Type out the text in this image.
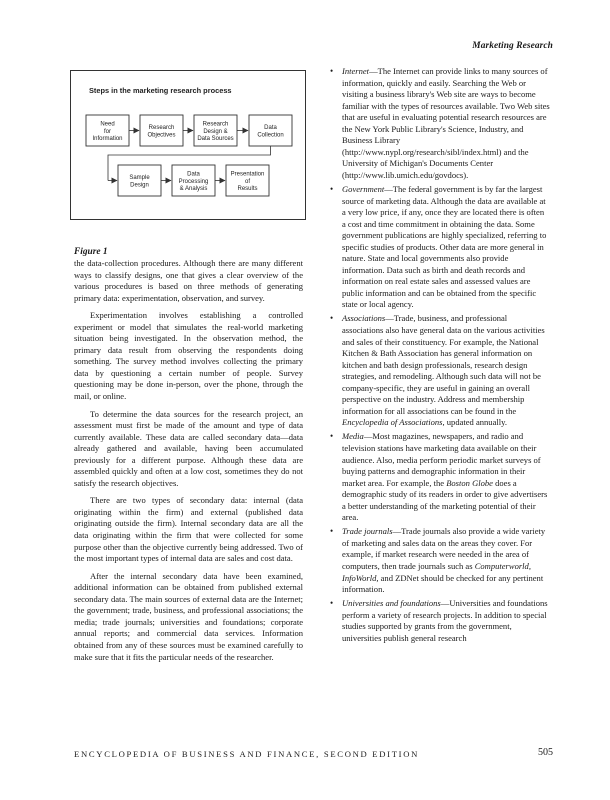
Marketing Research
Steps in the marketing research process
Need
for
Information
Research
Objectives
Research
Design &
Data Sources
Data
Collection
Sample
Design
Data
Processing
& Analysis
Presentation
of
Results
Figure 1

the data-collection procedures. Although there are many different ways to classify designs, one that gives a clear overview of the various procedures is based on three methods of generating primary data: experimentation, observation, and survey.

Experimentation involves establishing a controlled experiment or model that simulates the real-world marketing situation being investigated. In the observation method, the primary data result from observing the respondents doing something. The survey method involves collecting the primary data by questioning a certain number of people. Survey questioning may be done in-person, over the phone, through the mail, or online.

To determine the data sources for the research project, an assessment must first be made of the amount and type of data currently available. These data are called secondary data—data already gathered and available, having been accumulated previously for a different purpose. Although these data are assembled quickly and often at a low cost, sometimes they do not satisfy the research objectives.

There are two types of secondary data: internal (data originating within the firm) and external (published data originating outside the firm). Internal secondary data are all the data originating within the firm that were collected for some purpose other than the objective currently being addressed. Two of the most important types of internal data are sales and cost data.

After the internal secondary data have been examined, additional information can be obtained from published external secondary data. The main sources of external data are the Internet; the government; trade, business, and professional associations; the media; trade journals; universities and foundations; corporate annual reports; and commercial data services. Information obtained from any of these sources must be examined carefully to make sure that it fits the particular needs of the researcher.

• Internet—The Internet can provide links to many sources of information, quickly and easily. Searching the Web or visiting a business library's Web site are ways to become familiar with the types of resources available. Two Web sites that are useful in evaluating potential research resources are the New York Public Library's Science, Industry, and Business Library (http://www.nypl.org/research/sibl/index.html) and the University of Michigan's Documents Center (http://www.lib.umich.edu/govdocs).
• Government—The federal government is by far the largest source of marketing data. Although the data are available at a very low price, if any, once they are located there is often a cost and time commitment in obtaining the data. Some government publications are highly specialized, referring to specific studies of products. Other data are more general in nature. State and local governments also provide information. Data such as birth and death records and information on real estate sales and assessed values are public information and can be obtained from the specific state or local agency.
• Associations—Trade, business, and professional associations also have general data on the various activities and sales of their constituency. For example, the National Kitchen & Bath Association has general information on kitchen and bath design professionals, research design strategies, and remodeling. Although such data will not be company-specific, they are useful in gaining an overall perspective on the industry. Address and membership information for all associations can be found in the Encyclopedia of Associations, updated annually.
• Media—Most magazines, newspapers, and radio and television stations have marketing data available on their audience. Also, media perform periodic market surveys of buying patterns and demographic information in their market area. For example, the Boston Globe does a demographic study of its readers in order to give advertisers a better understanding of the marketing potential of their area.
• Trade journals—Trade journals also provide a wide variety of marketing and sales data on the areas they cover. For example, if market research were needed in the area of computers, then trade journals such as Computerworld, InfoWorld, and ZDNet should be checked for any pertinent information.
• Universities and foundations—Universities and foundations perform a variety of research projects. In addition to special studies supported by grants from the government, universities publish general research
ENCYCLOPEDIA OF BUSINESS AND FINANCE, SECOND EDITION	505
